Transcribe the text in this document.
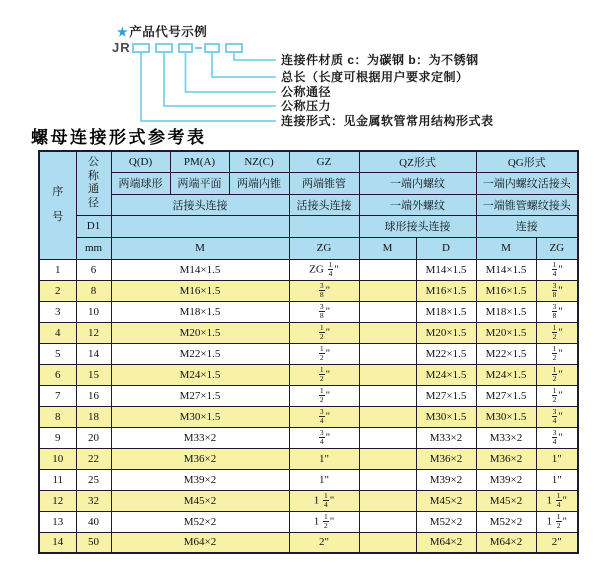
★产品代号示例
JR
连接件材质 c：为碳钢 b：为不锈钢
总长（长度可根据用户要求定制）
公称通径
公称压力
连接形式：见金属软管常用结构形式表
螺母连接形式参考表
序号	公称通径	Q(D)	PM(A)	NZ(C)	GZ	QZ形式		QG形式	
		两端球形	两端平面	两端内锥	两端锥管	一端内螺纹		一端内螺纹活接头	
		活接头连接			活接头连接	一端外螺纹		一端锥管螺纹接头	
	D1					球形接头连接		连接	
	mm	M			ZG	M	D	M	ZG
1	6	M14×1.5			ZG $\frac{1}{4}$ "		M14×1.5	M14×1.5	$\frac{1}{4}$ "
2	8	M16×1.5			$\frac{3}{8}$ "		M16×1.5	M16×1.5	$\frac{3}{8}$ "
3	10	M18×1.5			$\frac{3}{8}$ "		M18×1.5	M18×1.5	$\frac{3}{8}$ "
4	12	M20×1.5			$\frac{1}{2}$ "		M20×1.5	M20×1.5	$\frac{1}{2}$ "
5	14	M22×1.5			$\frac{1}{2}$ "		M22×1.5	M22×1.5	$\frac{1}{2}$ "
6	15	M24×1.5			$\frac{1}{2}$ "		M24×1.5	M24×1.5	$\frac{1}{2}$ "
7	16	M27×1.5			$\frac{1}{2}$ "		M27×1.5	M27×1.5	$\frac{1}{2}$ "
8	18	M30×1.5			$\frac{3}{4}$ "		M30×1.5	M30×1.5	$\frac{3}{4}$ "
9	20	M33×2			$\frac{3}{4}$ "		M33×2	M33×2	$\frac{3}{4}$ "
10	22	M36×2			1"		M36×2	M36×2	1"
11	25	M39×2			1"		M39×2	M39×2	1"
12	32	M45×2			$1 \frac{1}{4}$ "		M45×2	M45×2	$1 \frac{1}{4}$ "
13	40	M52×2			$1 \frac{1}{2}$ "		M52×2	M52×2	$1 \frac{1}{2}$ "
14	50	M64×2			2"		M64×2	M64×2	2"
